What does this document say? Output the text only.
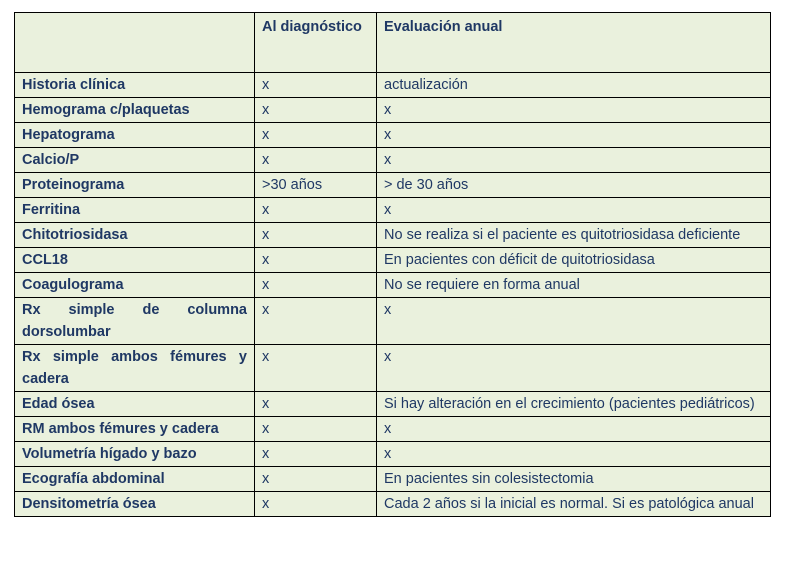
	Al diagnóstico	Evaluación anual
Historia clínica	x	actualización
Hemograma c/plaquetas	x	x
Hepatograma	x	x
Calcio/P	x	x
Proteinograma	>30 años	> de 30 años
Ferritina	x	x
Chitotriosidasa	x	No se realiza si el paciente es quitotriosidasa deficiente
CCL18	x	En pacientes con déficit de quitotriosidasa
Coagulograma	x	No se requiere en forma anual
Rx simple de columna dorsolumbar	x	x
Rx simple ambos fémures y cadera	x	x
Edad ósea	x	Si hay alteración en el crecimiento (pacientes pediátricos)
RM ambos fémures y cadera	x	x
Volumetría hígado y bazo	x	x
Ecografía abdominal	x	En pacientes sin colesistectomia
Densitometría ósea	x	Cada 2 años si la inicial es normal. Si es patológica anual
